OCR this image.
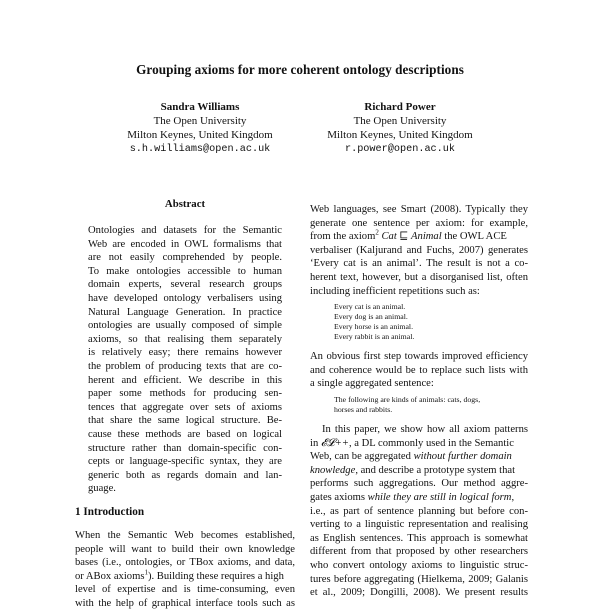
Grouping axioms for more coherent ontology descriptions
Sandra Williams
The Open University
Milton Keynes, United Kingdom
s.h.williams@open.ac.uk
Richard Power
The Open University
Milton Keynes, United Kingdom
r.power@open.ac.uk
Abstract
Ontologies and datasets for the Semantic
Web are encoded in OWL formalisms that
are not easily comprehended by people.
To make ontologies accessible to human
domain experts, several research groups
have developed ontology verbalisers using
Natural Language Generation. In practice
ontologies are usually composed of simple
axioms, so that realising them separately
is relatively easy; there remains however
the problem of producing texts that are co-
herent and efficient. We describe in this
paper some methods for producing sen-
tences that aggregate over sets of axioms
that share the same logical structure. Be-
cause these methods are based on logical
structure rather than domain-specific con-
cepts or language-specific syntax, they are
generic both as regards domain and lan-
guage.
1 Introduction
When the Semantic Web becomes established,
people will want to build their own knowledge
bases (i.e., ontologies, or TBox axioms, and data,
or ABox axioms$^1$). Building these requires a high
level of expertise and is time-consuming, even
with the help of graphical interface tools such as
Web languages, see Smart (2008). Typically they
generate one sentence per axiom: for example,
from the axiom$^2$ Cat ⊑ Animal the OWL ACE
verbaliser (Kaljurand and Fuchs, 2007) generates
‘Every cat is an animal’. The result is not a co-
herent text, however, but a disorganised list, often
including inefficient repetitions such as:
Every cat is an animal.
Every dog is an animal.
Every horse is an animal.
Every rabbit is an animal.
An obvious first step towards improved efficiency
and coherence would be to replace such lists with
a single aggregated sentence:
The following are kinds of animals: cats, dogs,
horses and rabbits.
In this paper, we show how all axiom patterns
in 𝓔𝓛++, a DL commonly used in the Semantic
Web, can be aggregated without further domain
knowledge, and describe a prototype system that
performs such aggregations. Our method aggre-
gates axioms while they are still in logical form,
i.e., as part of sentence planning but before con-
verting to a linguistic representation and realising
as English sentences. This approach is somewhat
different from that proposed by other researchers
who convert ontology axioms to linguistic struc-
tures before aggregating (Hielkema, 2009; Galanis
et al., 2009; Dongilli, 2008). We present results
